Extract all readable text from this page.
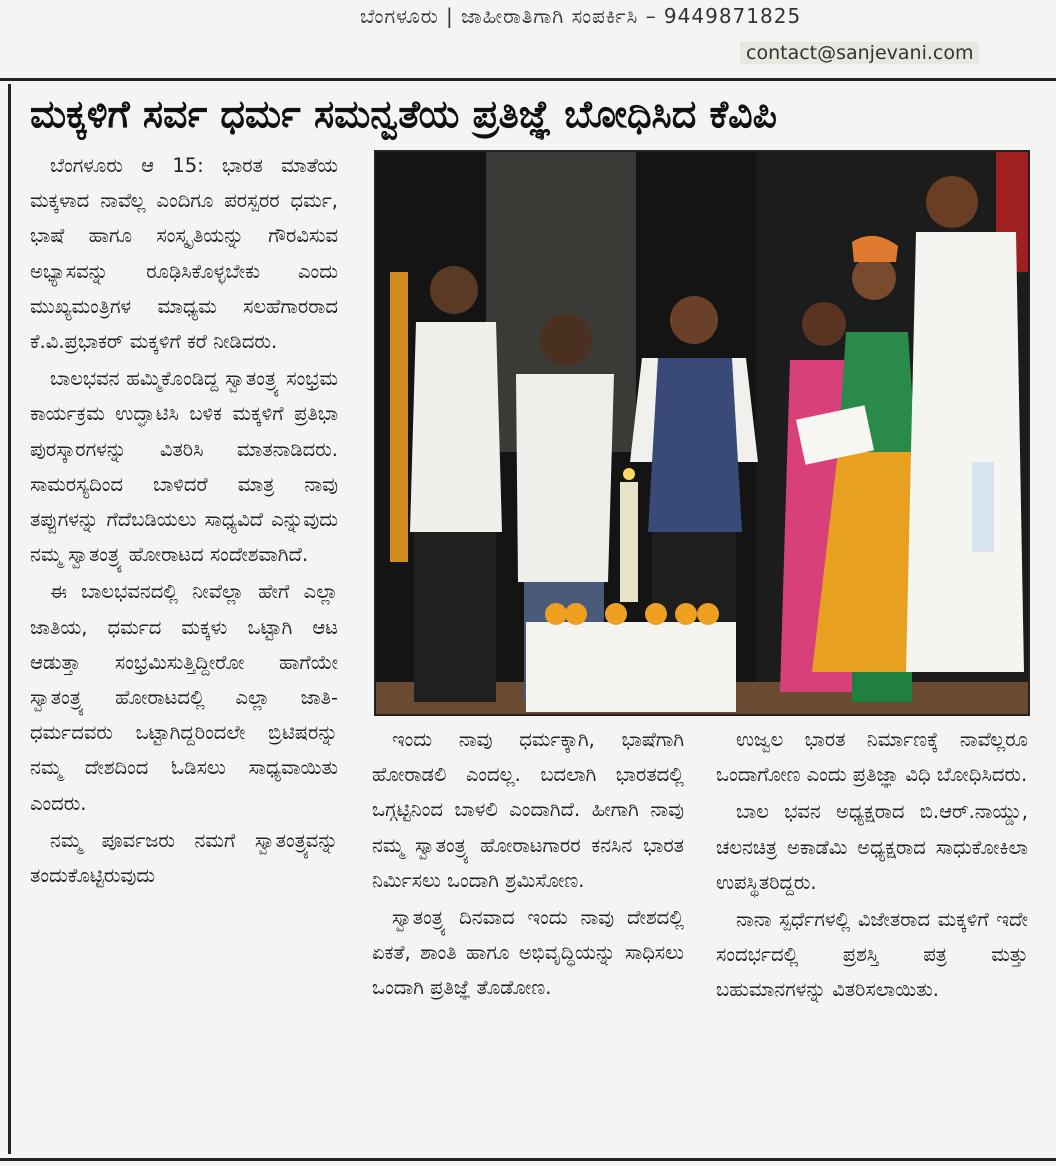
ಬೆಂಗಳೂರು | ಜಾಹೀರಾತಿಗಾಗಿ ಸಂಪರ್ಕಿಸಿ – 9449871825
contact@sanjevani.com
ಮಕ್ಕಳಿಗೆ ಸರ್ವ ಧರ್ಮ ಸಮನ್ವತೆಯ ಪ್ರತಿಜ್ಞೆ ಬೋಧಿಸಿದ ಕೆವಿಪಿ

ಬೆಂಗಳೂರು ಆ 15: ಭಾರತ ಮಾತೆಯ ಮಕ್ಕಳಾದ ನಾವೆಲ್ಲ ಎಂದಿಗೂ ಪರಸ್ಪರರ ಧರ್ಮ, ಭಾಷೆ ಹಾಗೂ ಸಂಸ್ಕೃತಿಯನ್ನು ಗೌರವಿಸುವ ಅಭ್ಯಾಸವನ್ನು ರೂಢಿಸಿಕೊಳ್ಳಬೇಕು ಎಂದು ಮುಖ್ಯಮಂತ್ರಿಗಳ ಮಾಧ್ಯಮ ಸಲಹೆಗಾರರಾದ ಕೆ.ವಿ.ಪ್ರಭಾಕರ್ ಮಕ್ಕಳಿಗೆ ಕರೆ ನೀಡಿದರು.

ಬಾಲಭವನ ಹಮ್ಮಿಕೊಂಡಿದ್ದ ಸ್ವಾತಂತ್ರ್ಯ ಸಂಭ್ರಮ ಕಾರ್ಯಕ್ರಮ ಉದ್ಘಾಟಿಸಿ ಬಳಿಕ ಮಕ್ಕಳಿಗೆ ಪ್ರತಿಭಾ ಪುರಸ್ಕಾರಗಳನ್ನು ವಿತರಿಸಿ ಮಾತನಾಡಿದರು. ಸಾಮರಸ್ಯದಿಂದ ಬಾಳಿದರೆ ಮಾತ್ರ ನಾವು ತಪ್ಪುಗಳನ್ನು ಗೆದೆಬಡಿಯಲು ಸಾಧ್ಯವಿದೆ ಎನ್ನುವುದು ನಮ್ಮ ಸ್ವಾತಂತ್ರ್ಯ ಹೋರಾಟದ ಸಂದೇಶವಾಗಿದೆ.

ಈ ಬಾಲಭವನದಲ್ಲಿ ನೀವೆಲ್ಲಾ ಹೇಗೆ ಎಲ್ಲಾ ಜಾತಿಯ, ಧರ್ಮದ ಮಕ್ಕಳು ಒಟ್ಟಾಗಿ ಆಟ ಆಡುತ್ತಾ ಸಂಭ್ರಮಿಸುತ್ತಿದ್ದೀರೋ ಹಾಗೆಯೇ ಸ್ವಾತಂತ್ರ್ಯ ಹೋರಾಟದಲ್ಲಿ ಎಲ್ಲಾ ಜಾತಿ-ಧರ್ಮದವರು ಒಟ್ಟಾಗಿದ್ದರಿಂದಲೇ ಬ್ರಿಟಿಷರನ್ನು ನಮ್ಮ ದೇಶದಿಂದ ಓಡಿಸಲು ಸಾಧ್ಯವಾಯಿತು ಎಂದರು.

ನಮ್ಮ ಪೂರ್ವಜರು ನಮಗೆ ಸ್ವಾತಂತ್ರ್ಯವನ್ನು ತಂದುಕೊಟ್ಟಿರುವುದು

ಇಂದು ನಾವು ಧರ್ಮಕ್ಕಾಗಿ, ಭಾಷೆಗಾಗಿ ಹೋರಾಡಲಿ ಎಂದಲ್ಲ. ಬದಲಾಗಿ ಭಾರತದಲ್ಲಿ ಒಗ್ಗಟ್ಟಿನಿಂದ ಬಾಳಲಿ ಎಂದಾಗಿದೆ. ಹೀಗಾಗಿ ನಾವು ನಮ್ಮ ಸ್ವಾತಂತ್ರ್ಯ ಹೋರಾಟಗಾರರ ಕನಸಿನ ಭಾರತ ನಿರ್ಮಿಸಲು ಒಂದಾಗಿ ಶ್ರಮಿಸೋಣ.

ಸ್ವಾತಂತ್ರ್ಯ ದಿನವಾದ ಇಂದು ನಾವು ದೇಶದಲ್ಲಿ ಏಕತೆ, ಶಾಂತಿ ಹಾಗೂ ಅಭಿವೃದ್ಧಿಯನ್ನು ಸಾಧಿಸಲು ಒಂದಾಗಿ ಪ್ರತಿಜ್ಞೆ ತೊಡೋಣ.

ಉಜ್ವಲ ಭಾರತ ನಿರ್ಮಾಣಕ್ಕೆ ನಾವೆಲ್ಲರೂ ಒಂದಾಗೋಣ ಎಂದು ಪ್ರತಿಜ್ಞಾ ವಿಧಿ ಬೋಧಿಸಿದರು.

ಬಾಲ ಭವನ ಅಧ್ಯಕ್ಷರಾದ ಬಿ.ಆರ್.ನಾಯ್ಡು, ಚಲನಚಿತ್ರ ಅಕಾಡೆಮಿ ಅಧ್ಯಕ್ಷರಾದ ಸಾಧುಕೋಕಿಲಾ ಉಪಸ್ಥಿತರಿದ್ದರು.

ನಾನಾ ಸ್ಪರ್ಧೆಗಳಲ್ಲಿ ವಿಜೇತರಾದ ಮಕ್ಕಳಿಗೆ ಇದೇ ಸಂದರ್ಭದಲ್ಲಿ ಪ್ರಶಸ್ತಿ ಪತ್ರ ಮತ್ತು ಬಹುಮಾನಗಳನ್ನು ವಿತರಿಸಲಾಯಿತು.
